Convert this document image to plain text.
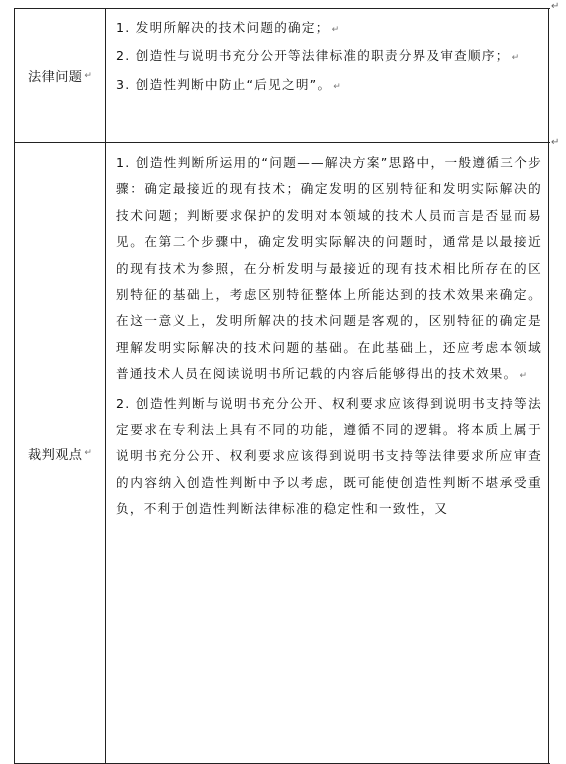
↵
↵
法律问题 ↵

1. 发明所解决的技术问题的确定； ↵

2. 创造性与说明书充分公开等法律标准的职责分界及审查顺序； ↵

3. 创造性判断中防止“后见之明”。 ↵

裁判观点 ↵

1. 创造性判断所运用的“问题——解决方案”思路中，一般遵循三个步骤：确定最接近的现有技术；确定发明的区别特征和发明实际解决的技术问题；判断要求保护的发明对本领域的技术人员而言是否显而易见。在第二个步骤中，确定发明实际解决的问题时，通常是以最接近的现有技术为参照，在分析发明与最接近的现有技术相比所存在的区别特征的基础上，考虑区别特征整体上所能达到的技术效果来确定。在这一意义上，发明所解决的技术问题是客观的，区别特征的确定是理解发明实际解决的技术问题的基础。在此基础上，还应考虑本领域普通技术人员在阅读说明书所记载的内容后能够得出的技术效果。 ↵

2. 创造性判断与说明书充分公开、权利要求应该得到说明书支持等法定要求在专利法上具有不同的功能，遵循不同的逻辑。将本质上属于说明书充分公开、权利要求应该得到说明书支持等法律要求所应审查的内容纳入创造性判断中予以考虑，既可能使创造性判断不堪承受重负，不利于创造性判断法律标准的稳定性和一致性，又
